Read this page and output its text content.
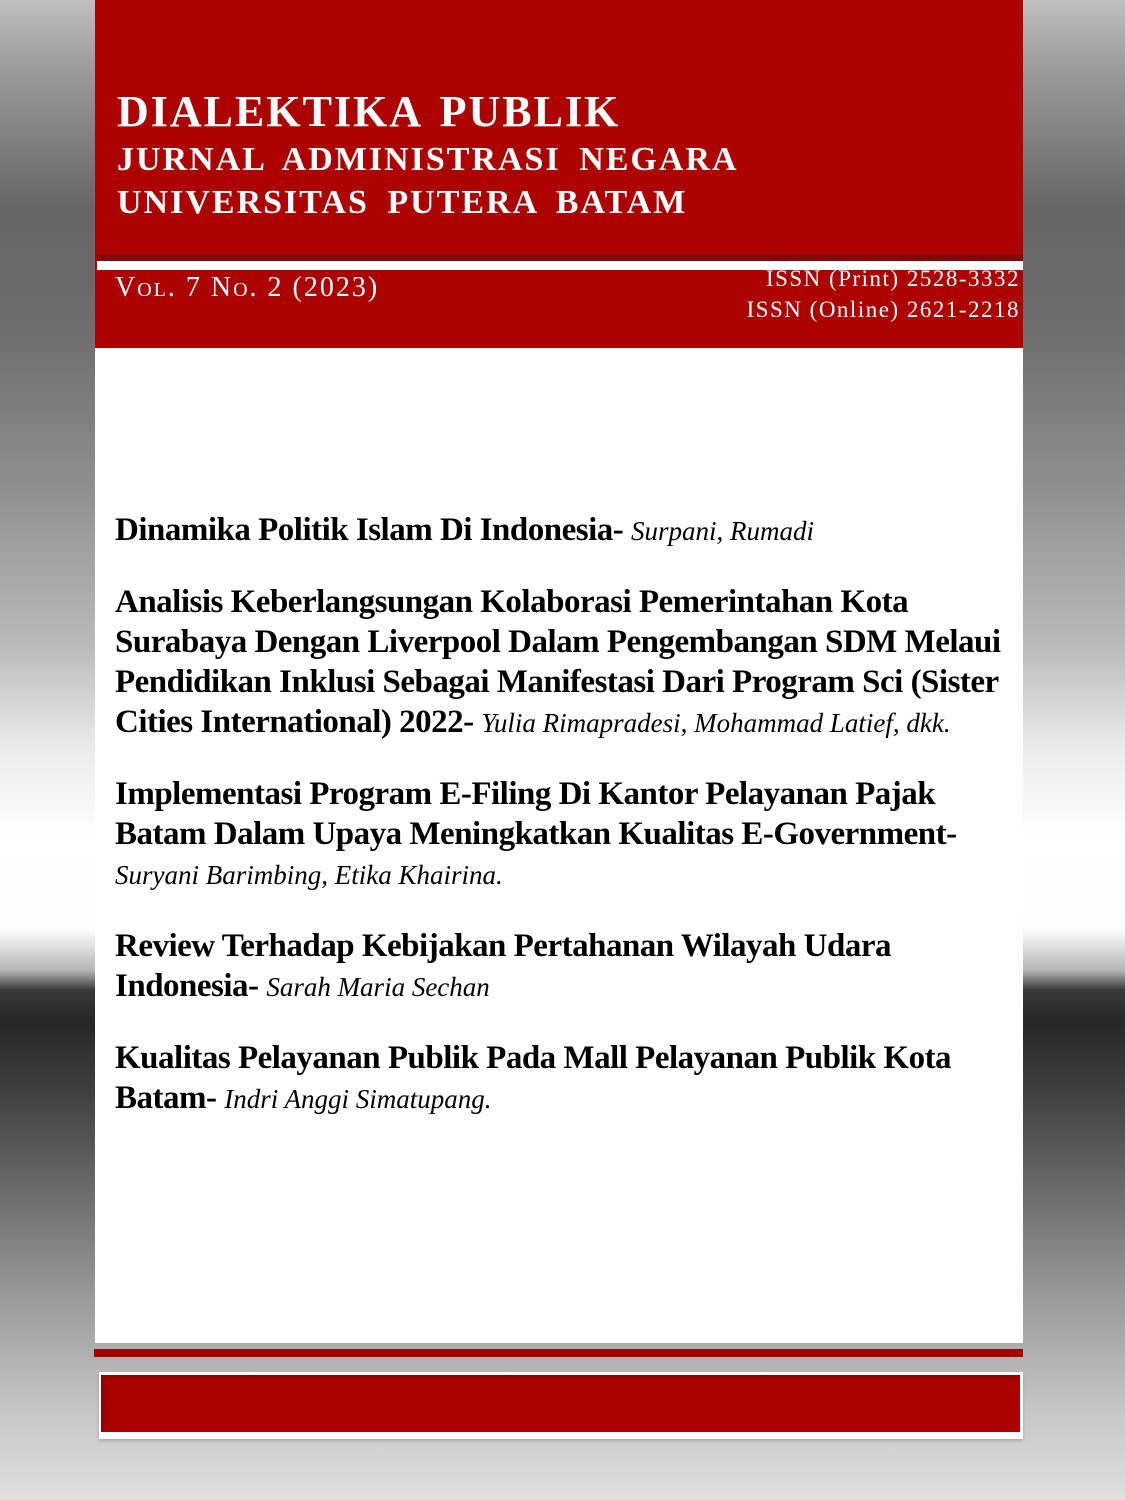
DIALEKTIKA PUBLIK
JURNAL ADMINISTRASI NEGARA
UNIVERSITAS PUTERA BATAM
Vol. 7 No. 2 (2023)	ISSN (Print) 2528-3332
ISSN (Online) 2621-2218

Dinamika Politik Islam Di Indonesia- Surpani, Rumadi

Analisis Keberlangsungan Kolaborasi Pemerintahan Kota Surabaya Dengan Liverpool Dalam Pengembangan SDM Melaui Pendidikan Inklusi Sebagai Manifestasi Dari Program Sci (Sister Cities International) 2022- Yulia Rimapradesi, Mohammad Latief, dkk.

Implementasi Program E-Filing Di Kantor Pelayanan Pajak Batam Dalam Upaya Meningkatkan Kualitas E-Government- Suryani Barimbing, Etika Khairina.

Review Terhadap Kebijakan Pertahanan Wilayah Udara Indonesia- Sarah Maria Sechan

Kualitas Pelayanan Publik Pada Mall Pelayanan Publik Kota Batam- Indri Anggi Simatupang.
